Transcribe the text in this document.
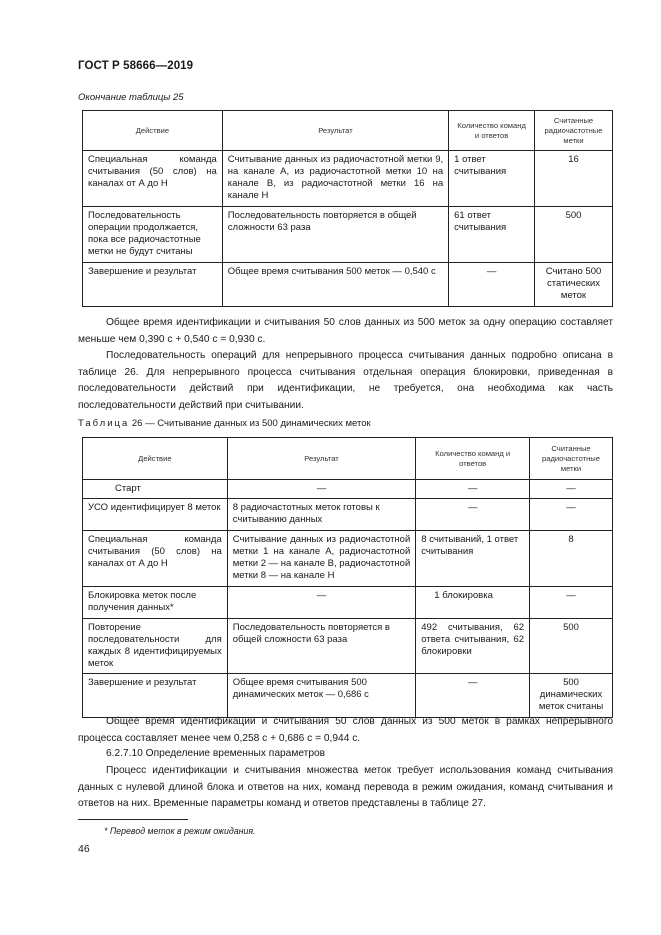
ГОСТ Р 58666—2019
Окончание таблицы 25
Действие	Результат	Количество команд и ответов	Считанные радиочастотные метки
Специальная команда считывания (50 слов) на каналах от А до Н	Считывание данных из радиочастотной метки 9, на канале А, из радиочастотной метки 10 на канале В, из радиочастотной метки 16 на канале Н	1 ответ считывания	16
Последовательность операции продолжается, пока все радиочастотные метки не будут считаны	Последовательность повторяется в общей сложности 63 раза	61 ответ считывания	500
Завершение и результат	Общее время считывания 500 меток — 0,540 с	—	Считано 500 статических меток
Общее время идентификации и считывания 50 слов данных из 500 меток за одну операцию составляет меньше чем 0,390 с + 0,540 с = 0,930 с.
Последовательность операций для непрерывного процесса считывания данных подробно описана в таблице 26. Для непрерывного процесса считывания отдельная операция блокировки, приведенная в последовательности действий при идентификации, не требуется, она необходима как часть последовательности действий при считывании.
Таблица 26 — Считывание данных из 500 динамических меток
Действие	Результат	Количество команд и ответов	Считанные радиочастотные метки
Старт	—	—	—
УСО идентифицирует 8 меток	8 радиочастотных меток готовы к считыванию данных	—	—
Специальная команда считывания (50 слов) на каналах от А до Н	Считывание данных из радиочастотной метки 1 на канале А, радиочастотной метки 2 — на канале В, радиочастотной метки 8 — на канале Н	8 считываний, 1 ответ считывания	8
Блокировка меток после получения данных*	—	1 блокировка	—
Повторение последовательности для каждых 8 идентифицируемых меток	Последовательность повторяется в общей сложности 63 раза	492 считывания, 62 ответа считывания, 62 блокировки	500
Завершение и результат	Общее время считывания 500 динамических меток — 0,686 с	—	500 динамических меток считаны
Общее время идентификации и считывания 50 слов данных из 500 меток в рамках непрерывного процесса составляет менее чем 0,258 с + 0,686 с = 0,944 с.
6.2.7.10 Определение временных параметров
Процесс идентификации и считывания множества меток требует использования команд считывания данных с нулевой длиной блока и ответов на них, команд перевода в режим ожидания, команд считывания и ответов на них. Временные параметры команд и ответов представлены в таблице 27.
* Перевод меток в режим ожидания.
46
